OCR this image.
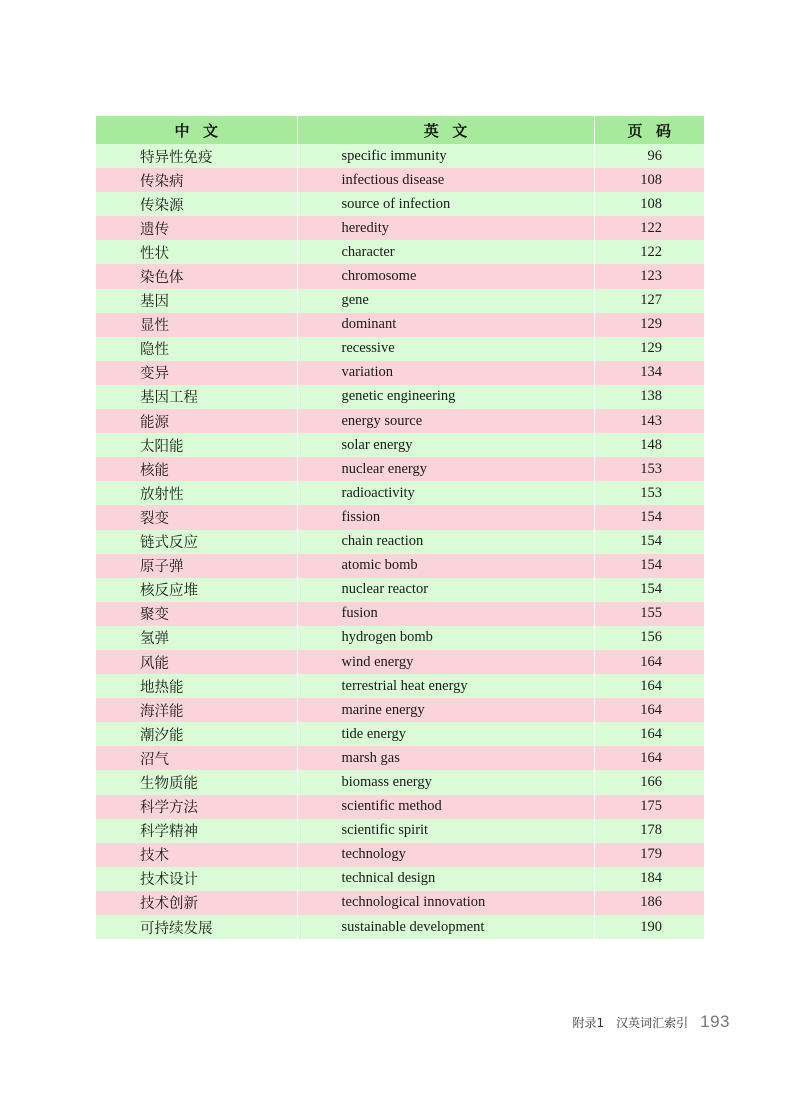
中文	英文	页码
特异性免疫	specific immunity	96
传染病	infectious disease	108
传染源	source of infection	108
遗传	heredity	122
性状	character	122
染色体	chromosome	123
基因	gene	127
显性	dominant	129
隐性	recessive	129
变异	variation	134
基因工程	genetic engineering	138
能源	energy source	143
太阳能	solar energy	148
核能	nuclear energy	153
放射性	radioactivity	153
裂变	fission	154
链式反应	chain reaction	154
原子弹	atomic bomb	154
核反应堆	nuclear reactor	154
聚变	fusion	155
氢弹	hydrogen bomb	156
风能	wind energy	164
地热能	terrestrial heat energy	164
海洋能	marine energy	164
潮汐能	tide energy	164
沼气	marsh gas	164
生物质能	biomass energy	166
科学方法	scientific method	175
科学精神	scientific spirit	178
技术	technology	179
技术设计	technical design	184
技术创新	technological innovation	186
可持续发展	sustainable development	190
附录1　汉英词汇索引 193
